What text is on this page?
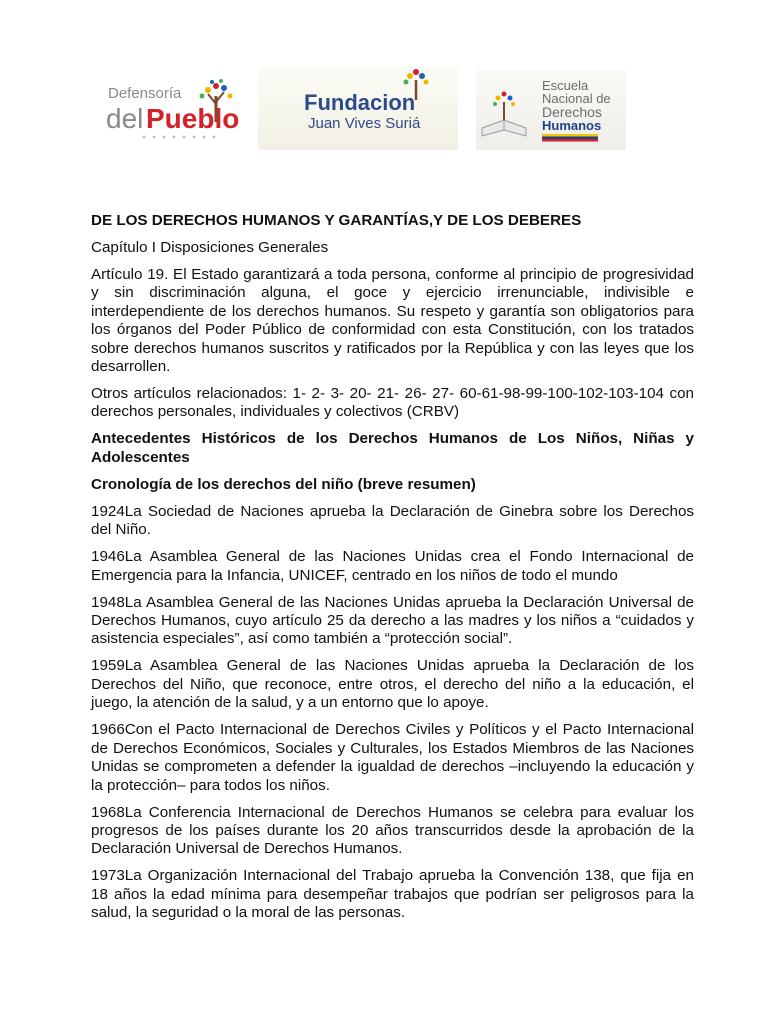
Defensoría
del Pueblo
Fundacion
Juan Vives Suriá
Escuela
Nacional de
Derechos
Humanos

DE LOS DERECHOS HUMANOS Y GARANTÍAS,Y DE LOS DEBERES

Capítulo I Disposiciones Generales

Artículo 19. El Estado garantizará a toda persona, conforme al principio de progresividad y sin discriminación alguna, el goce y ejercicio irrenunciable, indivisible e interdependiente de los derechos humanos. Su respeto y garantía son obligatorios para los órganos del Poder Público de conformidad con esta Constitución, con los tratados sobre derechos humanos suscritos y ratificados por la República y con las leyes que los desarrollen.

Otros artículos relacionados: 1- 2- 3- 20- 21- 26- 27- 60-61-98-99-100-102-103-104 con derechos personales, individuales y colectivos (CRBV)

Antecedentes Históricos de los Derechos Humanos de Los Niños, Niñas y Adolescentes

Cronología de los derechos del niño (breve resumen)

1924La Sociedad de Naciones aprueba la Declaración de Ginebra sobre los Derechos del Niño.

1946La Asamblea General de las Naciones Unidas crea el Fondo Internacional de Emergencia para la Infancia, UNICEF, centrado en los niños de todo el mundo

1948La Asamblea General de las Naciones Unidas aprueba la Declaración Universal de Derechos Humanos, cuyo artículo 25 da derecho a las madres y los niños a “cuidados y asistencia especiales”, así como también a “protección social”.

1959La Asamblea General de las Naciones Unidas aprueba la Declaración de los Derechos del Niño, que reconoce, entre otros, el derecho del niño a la educación, el juego, la atención de la salud, y a un entorno que lo apoye.

1966Con el Pacto Internacional de Derechos Civiles y Políticos y el Pacto Internacional de Derechos Económicos, Sociales y Culturales, los Estados Miembros de las Naciones Unidas se comprometen a defender la igualdad de derechos –incluyendo la educación y la protección– para todos los niños.

1968La Conferencia Internacional de Derechos Humanos se celebra para evaluar los progresos de los países durante los 20 años transcurridos desde la aprobación de la Declaración Universal de Derechos Humanos.

1973La Organización Internacional del Trabajo aprueba la Convención 138, que fija en 18 años la edad mínima para desempeñar trabajos que podrían ser peligrosos para la salud, la seguridad o la moral de las personas.
